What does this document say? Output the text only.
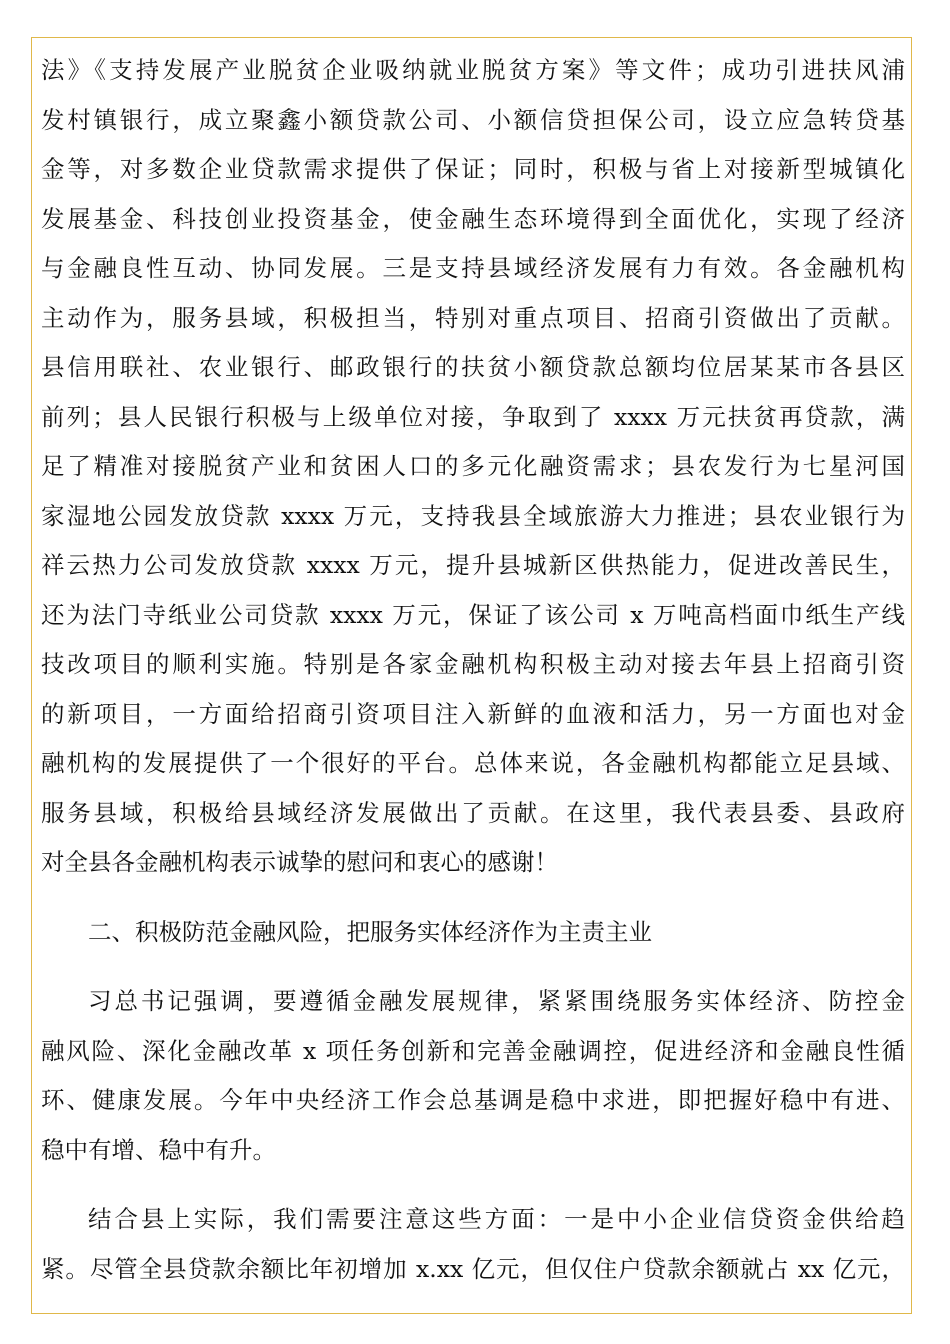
法》《支持发展产业脱贫企业吸纳就业脱贫方案》等文件；成功引进扶风浦
发村镇银行，成立聚鑫小额贷款公司、小额信贷担保公司，设立应急转贷基
金等，对多数企业贷款需求提供了保证；同时，积极与省上对接新型城镇化
发展基金、科技创业投资基金，使金融生态环境得到全面优化，实现了经济
与金融良性互动、协同发展。三是支持县域经济发展有力有效。各金融机构
主动作为，服务县域，积极担当，特别对重点项目、招商引资做出了贡献。
县信用联社、农业银行、邮政银行的扶贫小额贷款总额均位居某某市各县区
前列；县人民银行积极与上级单位对接，争取到了 xxxx 万元扶贫再贷款，满
足了精准对接脱贫产业和贫困人口的多元化融资需求；县农发行为七星河国
家湿地公园发放贷款 xxxx 万元，支持我县全域旅游大力推进；县农业银行为
祥云热力公司发放贷款 xxxx 万元，提升县城新区供热能力，促进改善民生，
还为法门寺纸业公司贷款 xxxx 万元，保证了该公司 x 万吨高档面巾纸生产线
技改项目的顺利实施。特别是各家金融机构积极主动对接去年县上招商引资
的新项目，一方面给招商引资项目注入新鲜的血液和活力，另一方面也对金
融机构的发展提供了一个很好的平台。总体来说，各金融机构都能立足县域、
服务县域，积极给县域经济发展做出了贡献。在这里，我代表县委、县政府
对全县各金融机构表示诚挚的慰问和衷心的感谢！
二、积极防范金融风险，把服务实体经济作为主责主业
习总书记强调，要遵循金融发展规律，紧紧围绕服务实体经济、防控金
融风险、深化金融改革 x 项任务创新和完善金融调控，促进经济和金融良性循
环、健康发展。今年中央经济工作会总基调是稳中求进，即把握好稳中有进、
稳中有增、稳中有升。
结合县上实际，我们需要注意这些方面：一是中小企业信贷资金供给趋
紧。尽管全县贷款余额比年初增加 x.xx 亿元，但仅住户贷款余额就占 xx 亿元，
